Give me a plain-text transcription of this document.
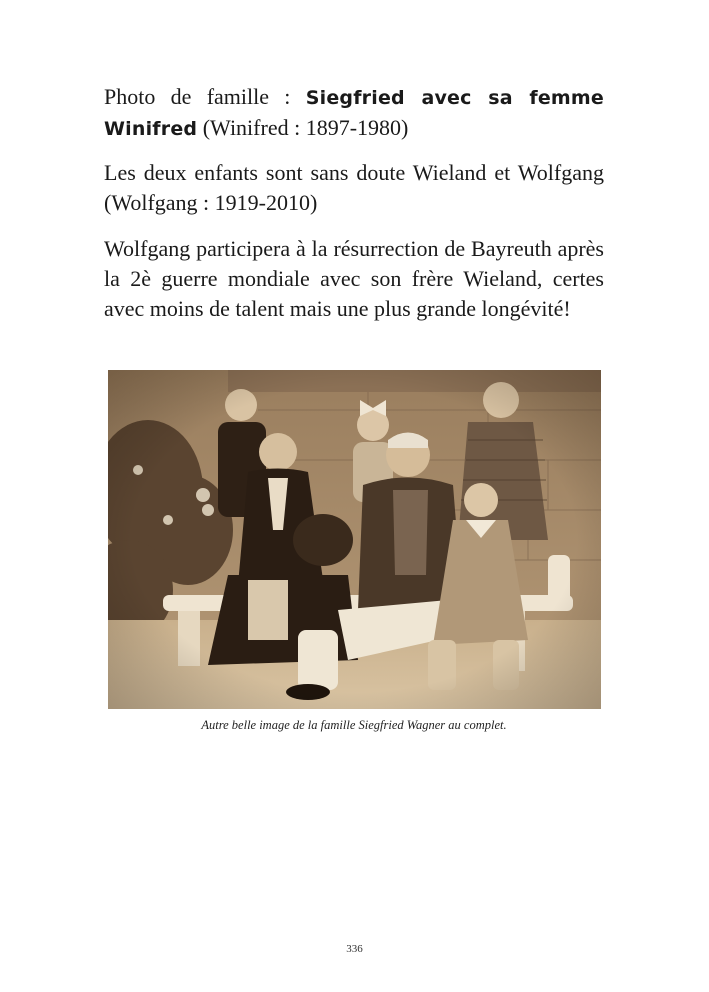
Photo de famille : Siegfried avec sa femme Winifred (Winifred : 1897-1980)

Les deux enfants sont sans doute Wieland et Wolfgang (Wolfgang : 1919-2010)

Wolfgang participera à la résurrection de Bayreuth après la 2è guerre mondiale avec son frère Wieland, certes avec moins de talent mais une plus grande longévité!

Autre belle image de la famille Siegfried Wagner au complet.
336
